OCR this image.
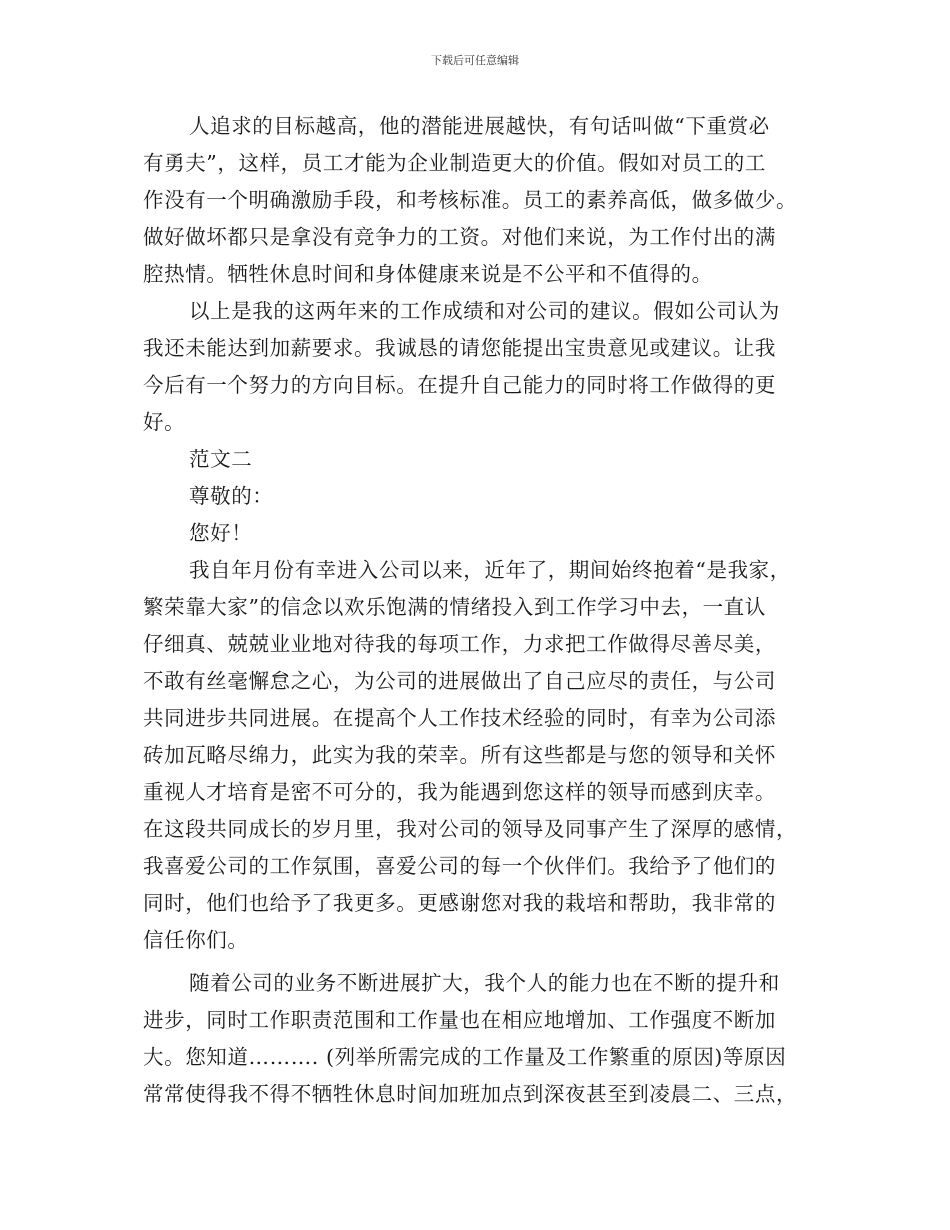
下载后可任意编辑
人追求的目标越高，他的潜能进展越快，有句话叫做“下重赏必
有勇夫”，这样，员工才能为企业制造更大的价值。假如对员工的工
作没有一个明确激励手段，和考核标准。员工的素养高低，做多做少。
做好做坏都只是拿没有竞争力的工资。对他们来说，为工作付出的满
腔热情。牺牲休息时间和身体健康来说是不公平和不值得的。
以上是我的这两年来的工作成绩和对公司的建议。假如公司认为
我还未能达到加薪要求。我诚恳的请您能提出宝贵意见或建议。让我
今后有一个努力的方向目标。在提升自己能力的同时将工作做得的更
好。
范文二
尊敬的：
您好！
我自年月份有幸进入公司以来，近年了，期间始终抱着“是我家，
繁荣靠大家”的信念以欢乐饱满的情绪投入到工作学习中去，一直认
仔细真、兢兢业业地对待我的每项工作，力求把工作做得尽善尽美，
不敢有丝毫懈怠之心，为公司的进展做出了自己应尽的责任，与公司
共同进步共同进展。在提高个人工作技术经验的同时，有幸为公司添
砖加瓦略尽绵力，此实为我的荣幸。所有这些都是与您的领导和关怀
重视人才培育是密不可分的，我为能遇到您这样的领导而感到庆幸。
在这段共同成长的岁月里，我对公司的领导及同事产生了深厚的感情，
我喜爱公司的工作氛围，喜爱公司的每一个伙伴们。我给予了他们的
同时，他们也给予了我更多。更感谢您对我的栽培和帮助，我非常的
信任你们。
随着公司的业务不断进展扩大，我个人的能力也在不断的提升和
进步，同时工作职责范围和工作量也在相应地增加、工作强度不断加
大。您知道………. (列举所需完成的工作量及工作繁重的原因)等原因
常常使得我不得不牺牲休息时间加班加点到深夜甚至到凌晨二、三点，
